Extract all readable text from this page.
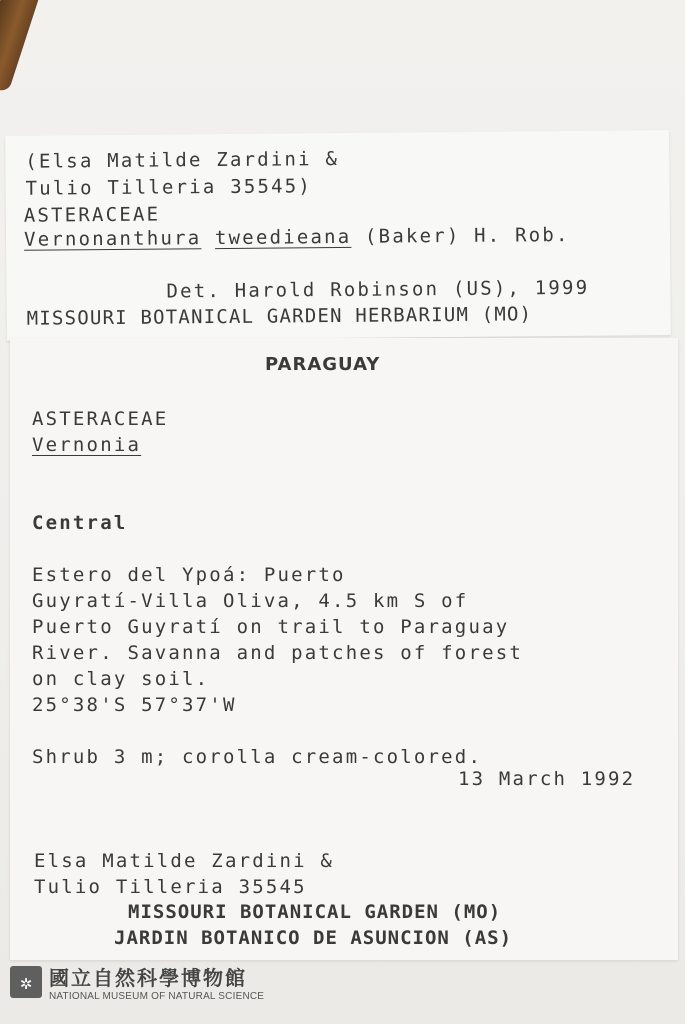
(Elsa Matilde Zardini &
Tulio Tilleria 35545)
ASTERACEAE
Vernonanthura tweedieana (Baker) H. Rob.
Det. Harold Robinson (US), 1999
MISSOURI BOTANICAL GARDEN HERBARIUM (MO)
PARAGUAY
ASTERACEAE
Vernonia
Central
Estero del Ypoá: Puerto
Guyratí-Villa Oliva, 4.5 km S of
Puerto Guyratí on trail to Paraguay
River. Savanna and patches of forest
on clay soil.
25°38'S 57°37'W
Shrub 3 m; corolla cream-colored.
13 March 1992
Elsa Matilde Zardini &
Tulio Tilleria 35545
MISSOURI BOTANICAL GARDEN (MO)
JARDIN BOTANICO DE ASUNCION (AS)
✲ 國立自然科學博物館
NATIONAL MUSEUM OF NATURAL SCIENCE
